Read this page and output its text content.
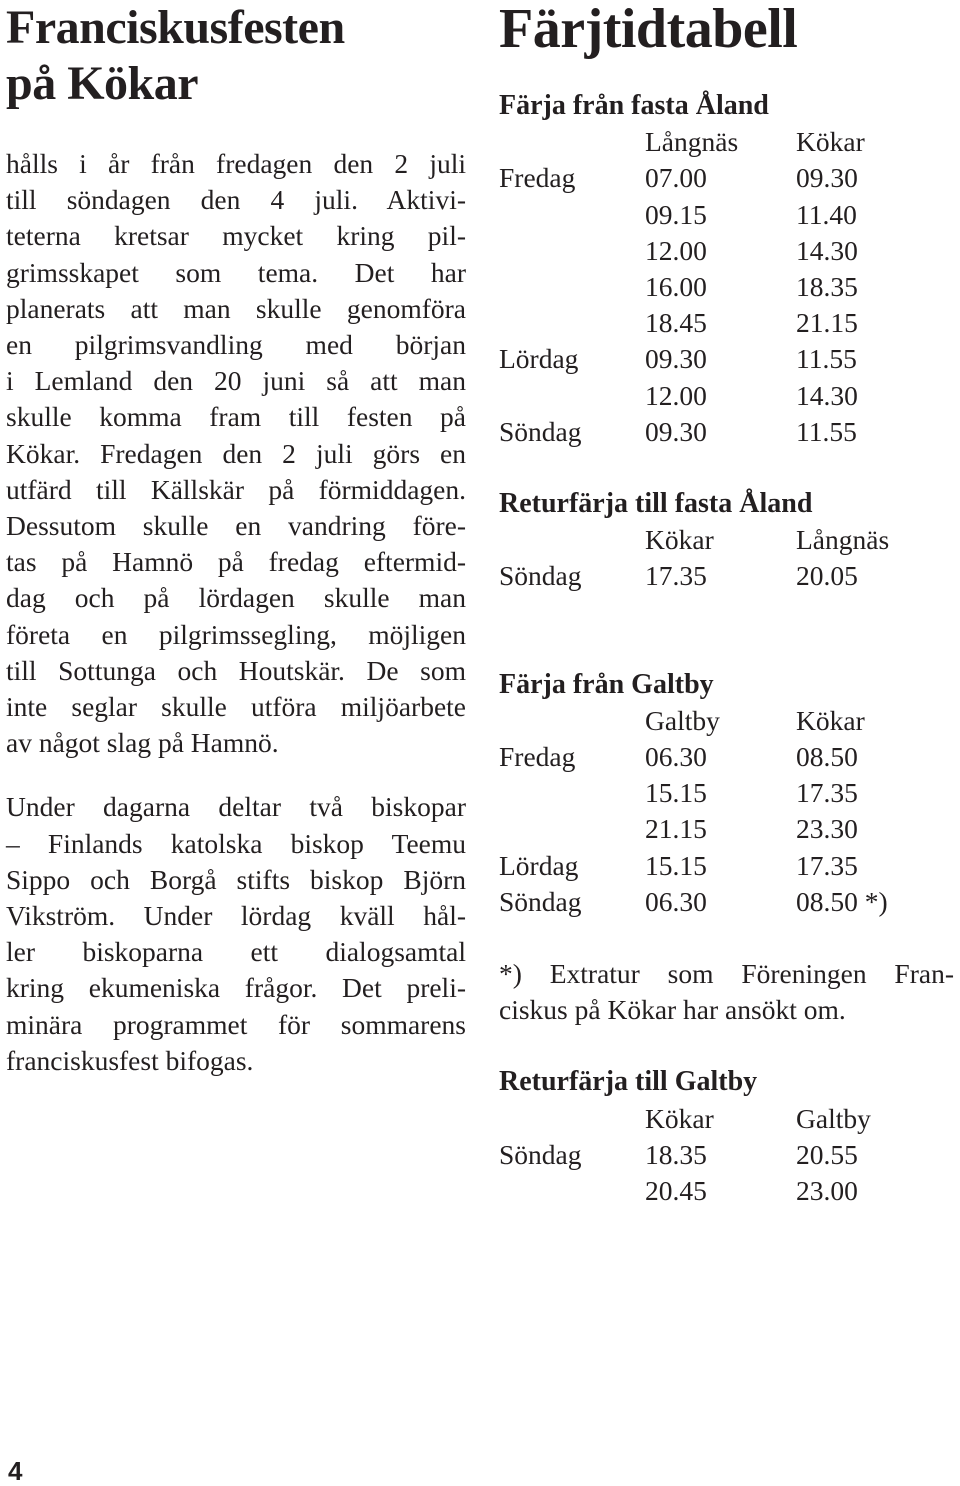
Franciskusfesten
på Kökar

hålls i år från fredagen den 2 juli
till söndagen den 4 juli. Aktivi-
teterna kretsar mycket kring pil-
grimsskapet som tema. Det har
planerats att man skulle genomföra
en pilgrimsvandling med början
i Lemland den 20 juni så att man
skulle komma fram till festen på
Kökar. Fredagen den 2 juli görs en
utfärd till Källskär på förmiddagen.
Dessutom skulle en vandring före-
tas på Hamnö på fredag eftermid-
dag och på lördagen skulle man
företa en pilgrimssegling, möjligen
till Sottunga och Houtskär. De som
inte seglar skulle utföra miljöarbete
av något slag på Hamnö.

Under dagarna deltar två biskopar
– Finlands katolska biskop Teemu
Sippo och Borgå stifts biskop Björn
Vikström. Under lördag kväll hål-
ler biskoparna ett dialogsamtal
kring ekumeniska frågor. Det preli-
minära programmet för sommarens
franciskusfest bifogas.

Färjtidtabell
Färja från fasta Åland

Långnäs	Kökar
Fredag	07.00	09.30

09.15	11.40

12.00	14.30

16.00	18.35

18.45	21.15
Lördag	09.30	11.55

12.00	14.30
Söndag	09.30	11.55
Returfärja till fasta Åland

Kökar	Långnäs
Söndag	17.35	20.05
Färja från Galtby

Galtby	Kökar
Fredag	06.30	08.50

15.15	17.35

21.15	23.30
Lördag	15.15	17.35
Söndag	06.30	08.50 *)

*) Extratur som Föreningen Fran-
ciskus på Kökar har ansökt om.

Returfärja till Galtby

Kökar	Galtby
Söndag	18.35	20.55

20.45	23.00
4
